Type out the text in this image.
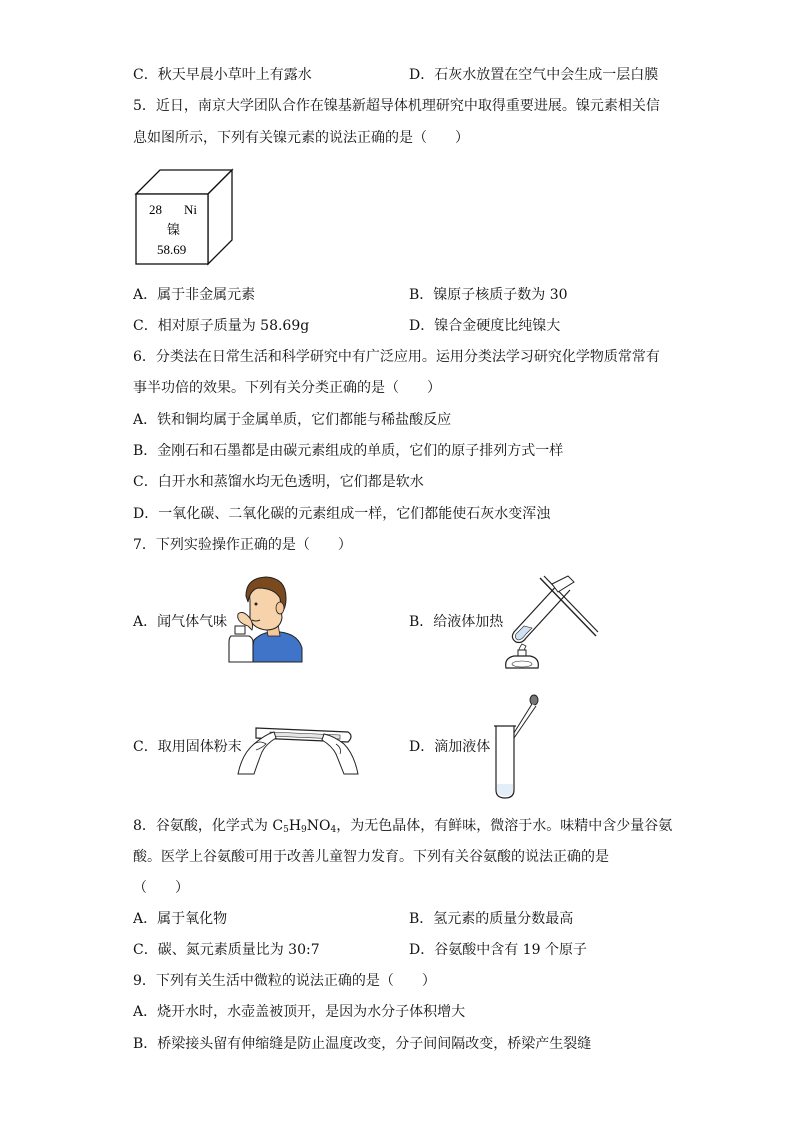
C．秋天早晨小草叶上有露水	D．石灰水放置在空气中会生成一层白膜
5．近日，南京大学团队合作在镍基新超导体机理研究中取得重要进展。镍元素相关信
息如图所示，下列有关镍元素的说法正确的是（　　）
28 Ni
镍
58.69
A．属于非金属元素	B．镍原子核质子数为 30
C．相对原子质量为 58.69g	D．镍合金硬度比纯镍大
6．分类法在日常生活和科学研究中有广泛应用。运用分类法学习研究化学物质常常有
事半功倍的效果。下列有关分类正确的是（　　）
A．铁和铜均属于金属单质，它们都能与稀盐酸反应
B．金刚石和石墨都是由碳元素组成的单质，它们的原子排列方式一样
C．白开水和蒸馏水均无色透明，它们都是软水
D．一氧化碳、二氧化碳的元素组成一样，它们都能使石灰水变浑浊
7．下列实验操作正确的是（　　）
A．闻气体气味	B．给液体加热
C．取用固体粉末	D．滴加液体
8．谷氨酸，化学式为 $C_5H_9NO_4$，为无色晶体，有鲜味，微溶于水。味精中含少量谷氨
酸。医学上谷氨酸可用于改善儿童智力发育。下列有关谷氨酸的说法正确的是
（　　）
A．属于氧化物	B．氢元素的质量分数最高
C．碳、氮元素质量比为 30:7	D．谷氨酸中含有 19 个原子
9．下列有关生活中微粒的说法正确的是（　　）
A．烧开水时，水壶盖被顶开，是因为水分子体积增大
B．桥梁接头留有伸缩缝是防止温度改变，分子间间隔改变，桥梁产生裂缝
